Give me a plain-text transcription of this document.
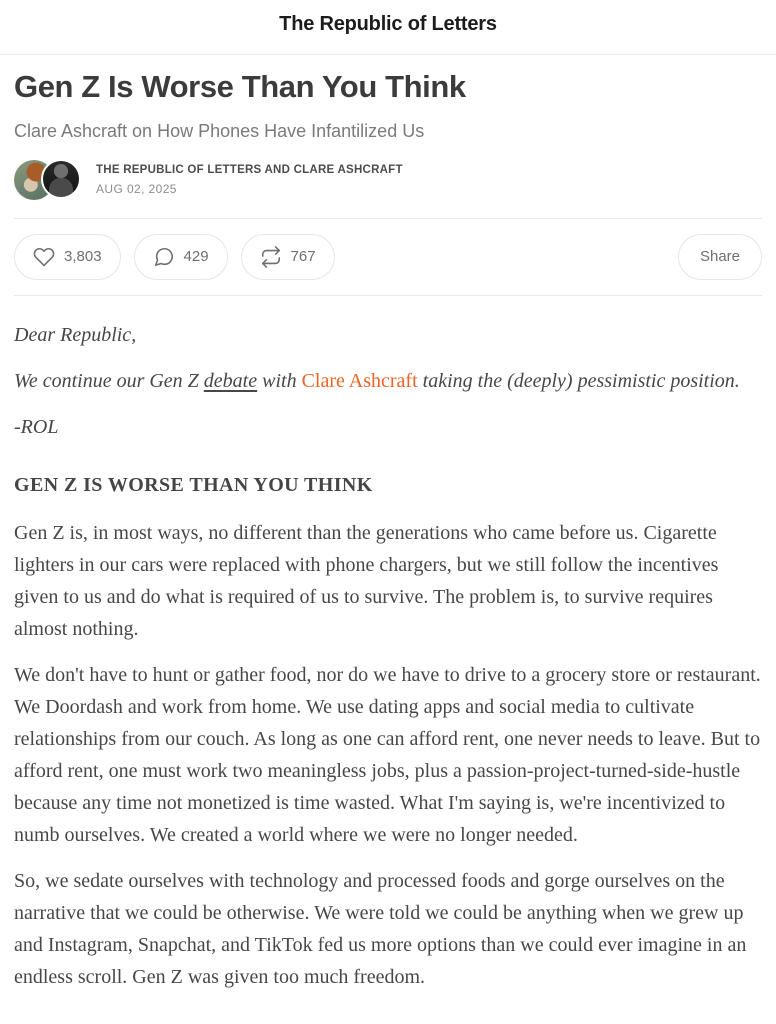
The Republic of Letters
Gen Z Is Worse Than You Think
Clare Ashcraft on How Phones Have Infantilized Us
THE REPUBLIC OF LETTERS AND CLARE ASHCRAFT
AUG 02, 2025
3,803	429	767	Share

Dear Republic,

We continue our Gen Z debate with Clare Ashcraft taking the (deeply) pessimistic position.

-ROL

GEN Z IS WORSE THAN YOU THINK

Gen Z is, in most ways, no different than the generations who came before us. Cigarette lighters in our cars were replaced with phone chargers, but we still follow the incentives given to us and do what is required of us to survive. The problem is, to survive requires almost nothing.

We don't have to hunt or gather food, nor do we have to drive to a grocery store or restaurant. We Doordash and work from home. We use dating apps and social media to cultivate relationships from our couch. As long as one can afford rent, one never needs to leave. But to afford rent, one must work two meaningless jobs, plus a passion-project-turned-side-hustle because any time not monetized is time wasted. What I'm saying is, we're incentivized to numb ourselves. We created a world where we were no longer needed.

So, we sedate ourselves with technology and processed foods and gorge ourselves on the narrative that we could be otherwise. We were told we could be anything when we grew up and Instagram, Snapchat, and TikTok fed us more options than we could ever imagine in an endless scroll. Gen Z was given too much freedom.
